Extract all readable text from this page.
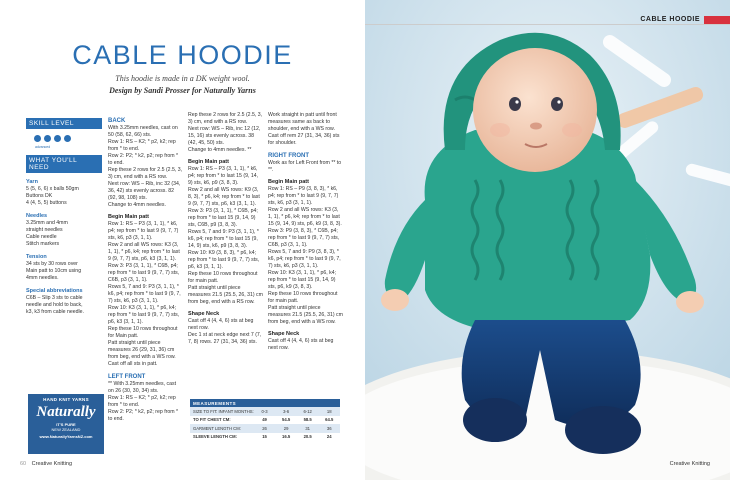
CABLE HOODIE
This hoodie is made in a DK weight wool.
Design by Sandi Prosser for Naturally Yarns
SKILL LEVEL
advanced
WHAT YOU'LL NEED
Yarn
5 (5, 6, 6) x balls 50gm
Buttons DK
4 (4, 5, 5) buttons
Needles
3.25mm and 4mm
straight needles
Cable needle
Stitch markers
Tension
34 sts by 30 rows over
Main patt to 10cm using
4mm needles.
Special abbreviations
C6B – Slip 3 sts to cable
needle and hold to back,
k3, k3 from cable needle.
HAND KNIT YARNS
Naturally
IT'S PURE
NEW ZEALAND
www.NaturallyYarnsNZ.com
BACK

With 3.25mm needles, cast on 50 (58, 62, 66) sts.

Row 1: RS – K2; * p2, k2; rep from * to end.

Row 2: P2; * k2, p2; rep from * to end.

Rep these 2 rows for 2.5 (2.5, 3, 3) cm, end with a RS row.

Next row: WS – Rib, inc 32 (34, 36, 42) sts evenly across. 82 (92, 98, 108) sts.

Change to 4mm needles.

Begin Main patt

Row 1: RS – P3 (3, 1, 1), * k6, p4; rep from * to last 9 (9, 7, 7) sts, k6, p3 (3, 1, 1).

Row 2 and all WS rows: K3 (3, 1, 1), * p6, k4; rep from * to last 9 (9, 7, 7) sts, p6, k3 (3, 1, 1).

Row 3: P3 (3, 1, 1), * C6B, p4; rep from * to last 9 (9, 7, 7) sts, C6B, p3 (3, 1, 1).

Rows 5, 7 and 9: P3 (3, 1, 1), * k6, p4; rep from * to last 9 (9, 7, 7) sts, k6, p3 (3, 1, 1).

Row 10: K3 (3, 1, 1), * p6, k4; rep from * to last 9 (9, 7, 7) sts, p6, k3 (3, 1, 1).

Rep these 10 rows throughout for Main patt.

Patt straight until piece measures 26 (29, 31, 36) cm from beg, end with a WS row.

Cast off all sts in patt.

LEFT FRONT

** With 3.25mm needles, cast on 26 (30, 30, 34) sts.

Row 1: RS – K2; * p2, k2; rep from * to end.

Row 2: P2; * k2, p2; rep from * to end.

Rep these 2 rows for 2.5 (2.5, 3, 3) cm, end with a RS row.

Next row: WS – Rib, inc 12 (12, 15, 16) sts evenly across. 38 (42, 45, 50) sts.

Change to 4mm needles. **

Begin Main patt

Row 1: RS – P3 (3, 1, 1), * k6, p4; rep from * to last 15 (9, 14, 9) sts, k6, p9 (3, 8, 3).

Row 2 and all WS rows: K9 (3, 8, 3), * p6, k4; rep from * to last 9 (9, 7, 7) sts, p6, k3 (3, 1, 1).

Row 3: P3 (3, 1, 1), * C6B, p4; rep from * to last 15 (9, 14, 9) sts, C6B, p9 (3, 8, 3).

Rows 5, 7 and 9: P3 (3, 1, 1), * k6, p4; rep from * to last 15 (9, 14, 9) sts, k6, p9 (3, 8, 3).

Row 10: K9 (3, 8, 3), * p6, k4; rep from * to last 9 (9, 7, 7) sts, p6, k3 (3, 1, 1).

Rep these 10 rows throughout for main patt.

Patt straight until piece measures 21.5 (25.5, 26, 31) cm from beg, end with a RS row.

Shape Neck

Cast off 4 (4, 4, 6) sts at beg next row.

Dec 1 st at neck edge next 7 (7, 7, 8) rows. 27 (31, 34, 36) sts.

Work straight in patt until front measures same as back to shoulder, end with a WS row.

Cast off rem 27 (31, 34, 36) sts for shoulder.

RIGHT FRONT

Work as for Left Front from ** to **.

Begin Main patt

Row 1: RS – P9 (3, 8, 3), * k6, p4; rep from * to last 9 (9, 7, 7) sts, k6, p3 (3, 1, 1).

Row 2 and all WS rows: K3 (3, 1, 1), * p6, k4; rep from * to last 15 (9, 14, 9) sts, p6, k9 (3, 8, 3).

Row 3: P9 (3, 8, 3), * C6B, p4; rep from * to last 9 (9, 7, 7) sts, C6B, p3 (3, 1, 1).

Rows 5, 7 and 9: P9 (3, 8, 3), * k6, p4; rep from * to last 9 (9, 7, 7) sts, k6, p3 (3, 1, 1).

Row 10: K3 (3, 1, 1), * p6, k4; rep from * to last 15 (9, 14, 9) sts, p6, k9 (3, 8, 3).

Rep these 10 rows throughout for main patt.

Patt straight until piece measures 21.5 (25.5, 26, 31) cm from beg, end with a WS row.

Shape Neck

Cast off 4 (4, 4, 6) sts at beg next row.

MEASUREMENTS
SIZE TO FIT: INFANT MONTHS:	0-3	3-6	6-12	18
TO FIT CHEST CM:	49	54.5	58.5	64.5
GARMENT LENGTH CM:	26	29	31	36
SLEEVE LENGTH CM:	15	16.5	20.5	24
60 Creative Knitting
CABLE HOODIE
Creative Knitting
